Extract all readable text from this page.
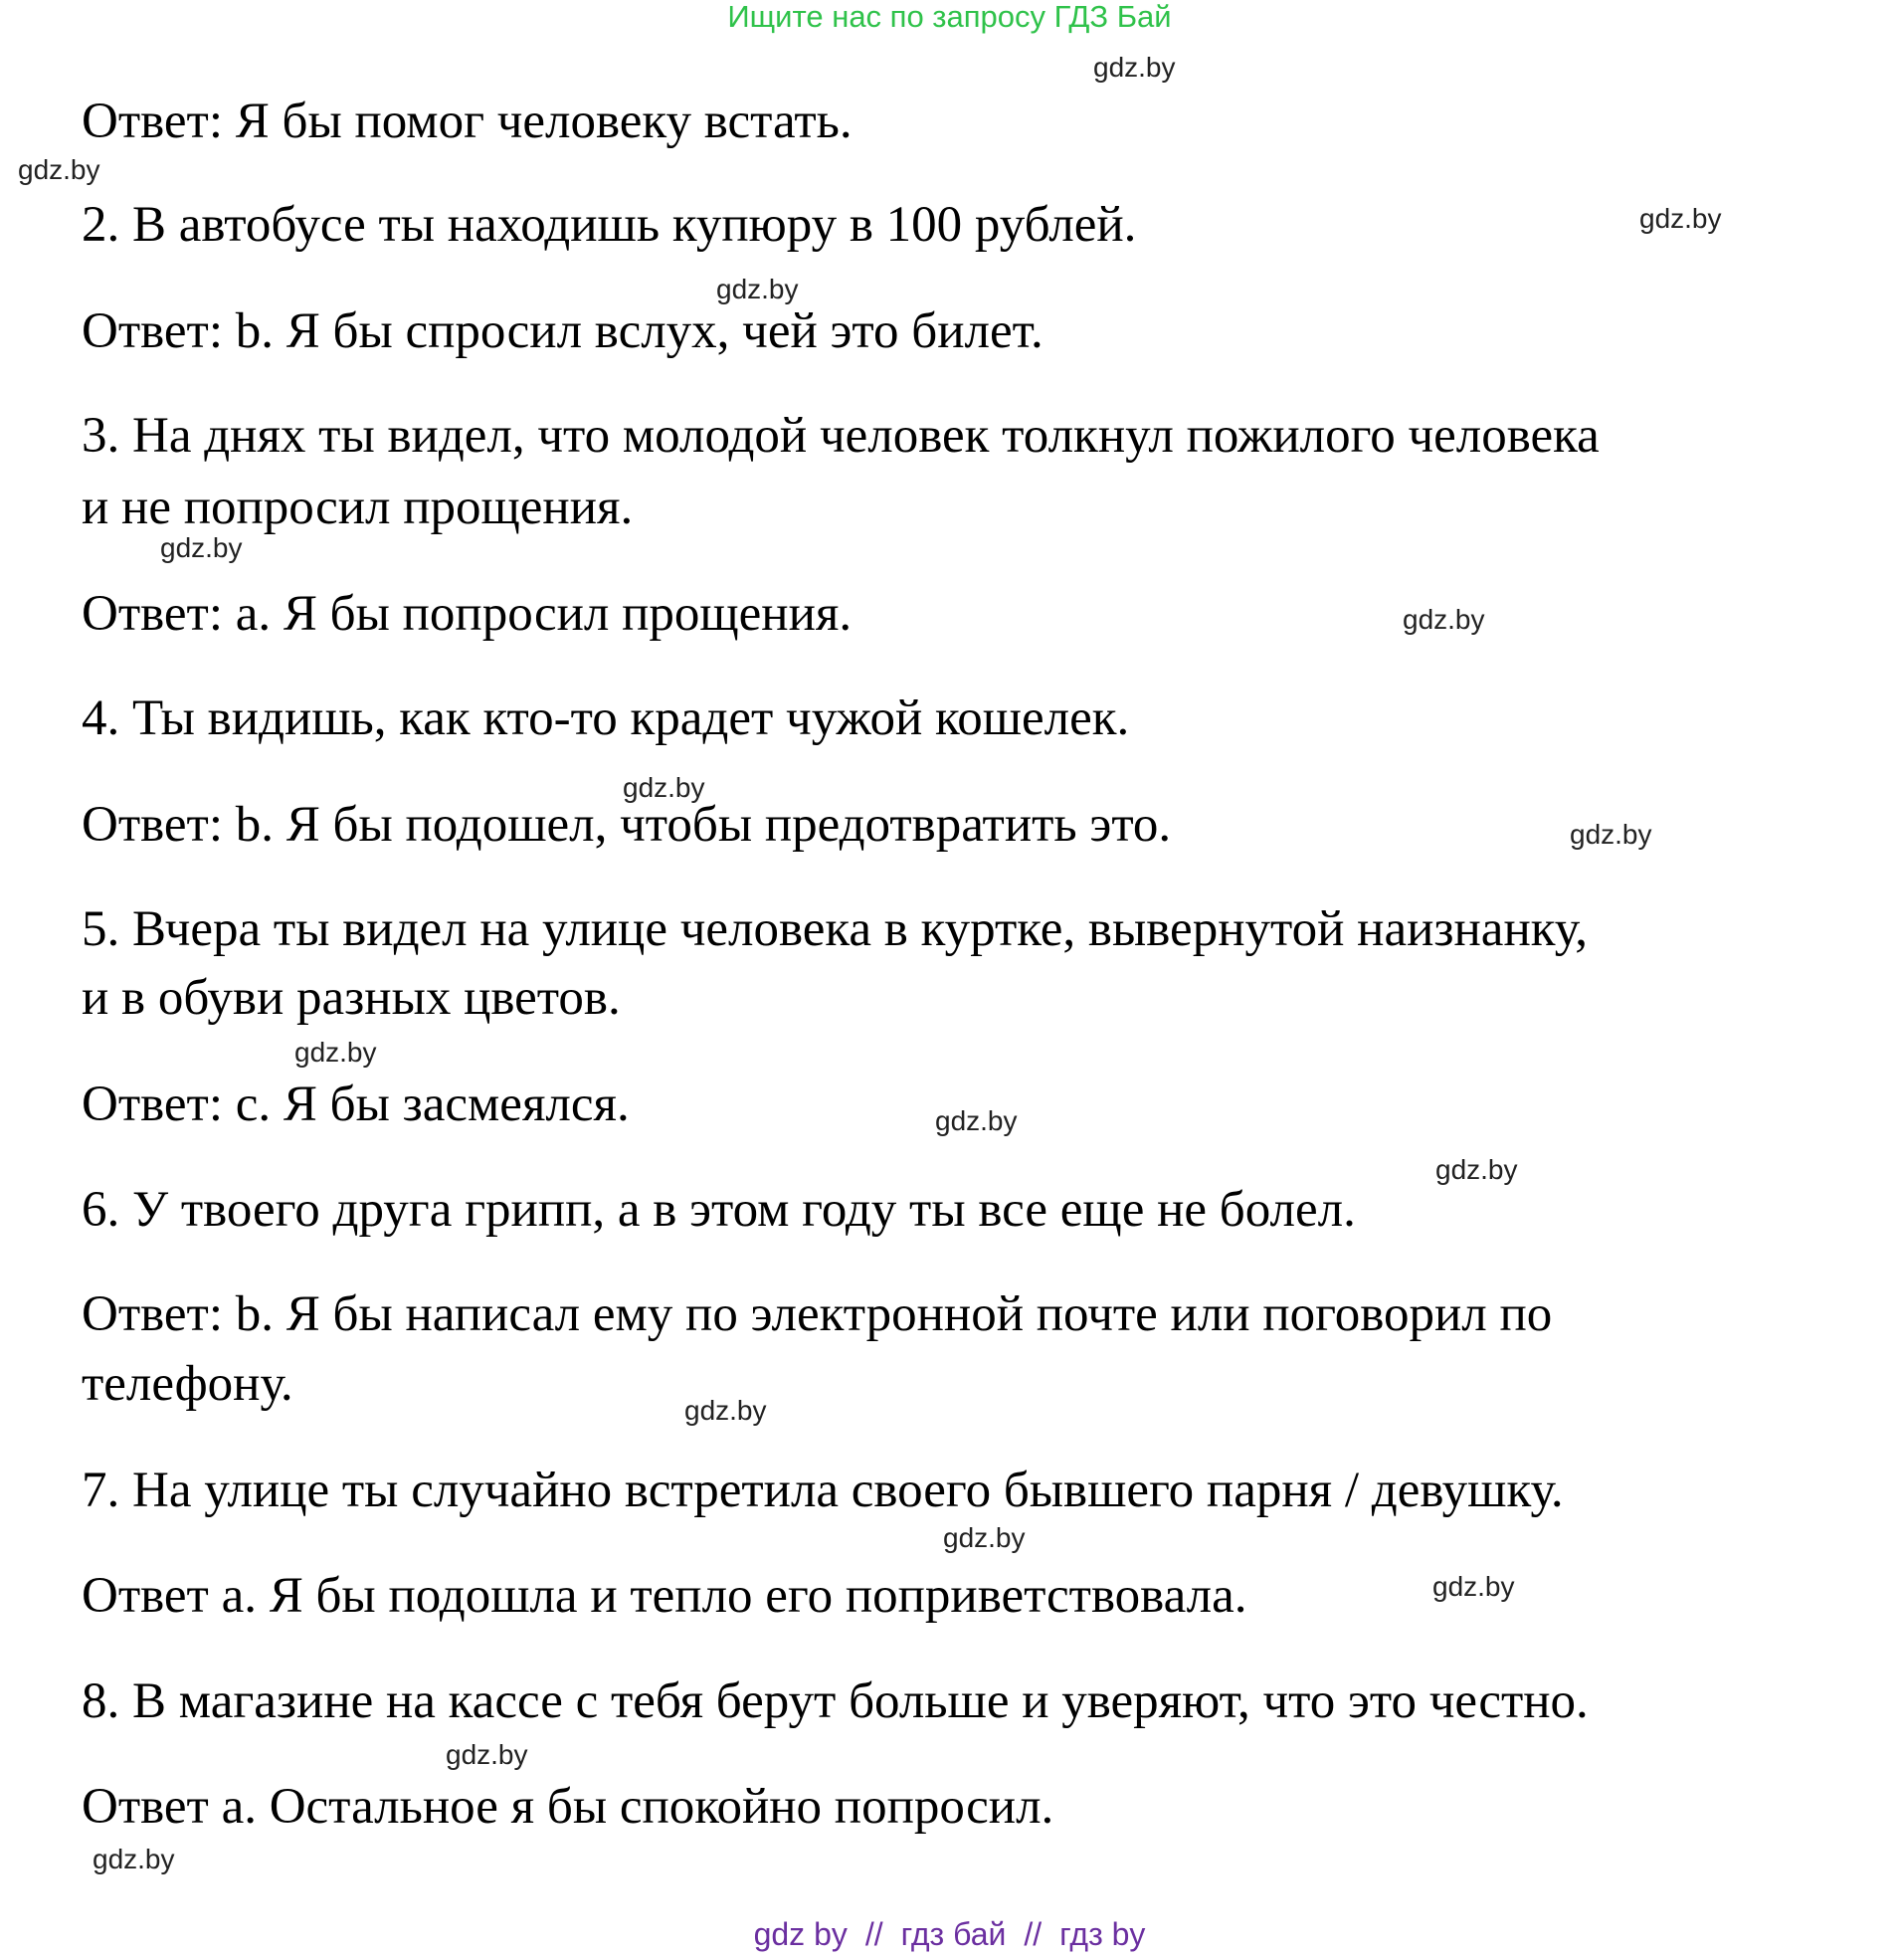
Ищите нас по запросу ГДЗ Бай
Ответ: Я бы помог человеку встать.
2. В автобусе ты находишь купюру в 100 рублей.
Ответ: b. Я бы спросил вслух, чей это билет.
3. На днях ты видел, что молодой человек толкнул пожилого человека
и не попросил прощения.
Ответ: а. Я бы попросил прощения.
4. Ты видишь, как кто-то крадет чужой кошелек.
Ответ: b. Я бы подошел, чтобы предотвратить это.
5. Вчера ты видел на улице человека в куртке, вывернутой наизнанку,
и в обуви разных цветов.
Ответ: с. Я бы засмеялся.
6. У твоего друга грипп, а в этом году ты все еще не болел.
Ответ: b. Я бы написал ему по электронной почте или поговорил по
телефону.
7. На улице ты случайно встретила своего бывшего парня / девушку.
Ответ а. Я бы подошла и тепло его поприветствовала.
8. В магазине на кассе с тебя берут больше и уверяют, что это честно.
Ответ а. Остальное я бы спокойно попросил.
gdz.by
gdz.by
gdz.by
gdz.by
gdz.by
gdz.by
gdz.by
gdz.by
gdz.by
gdz.by
gdz.by
gdz.by
gdz.by
gdz.by
gdz.by
gdz.by
gdz by // гдз бай // гдз by
